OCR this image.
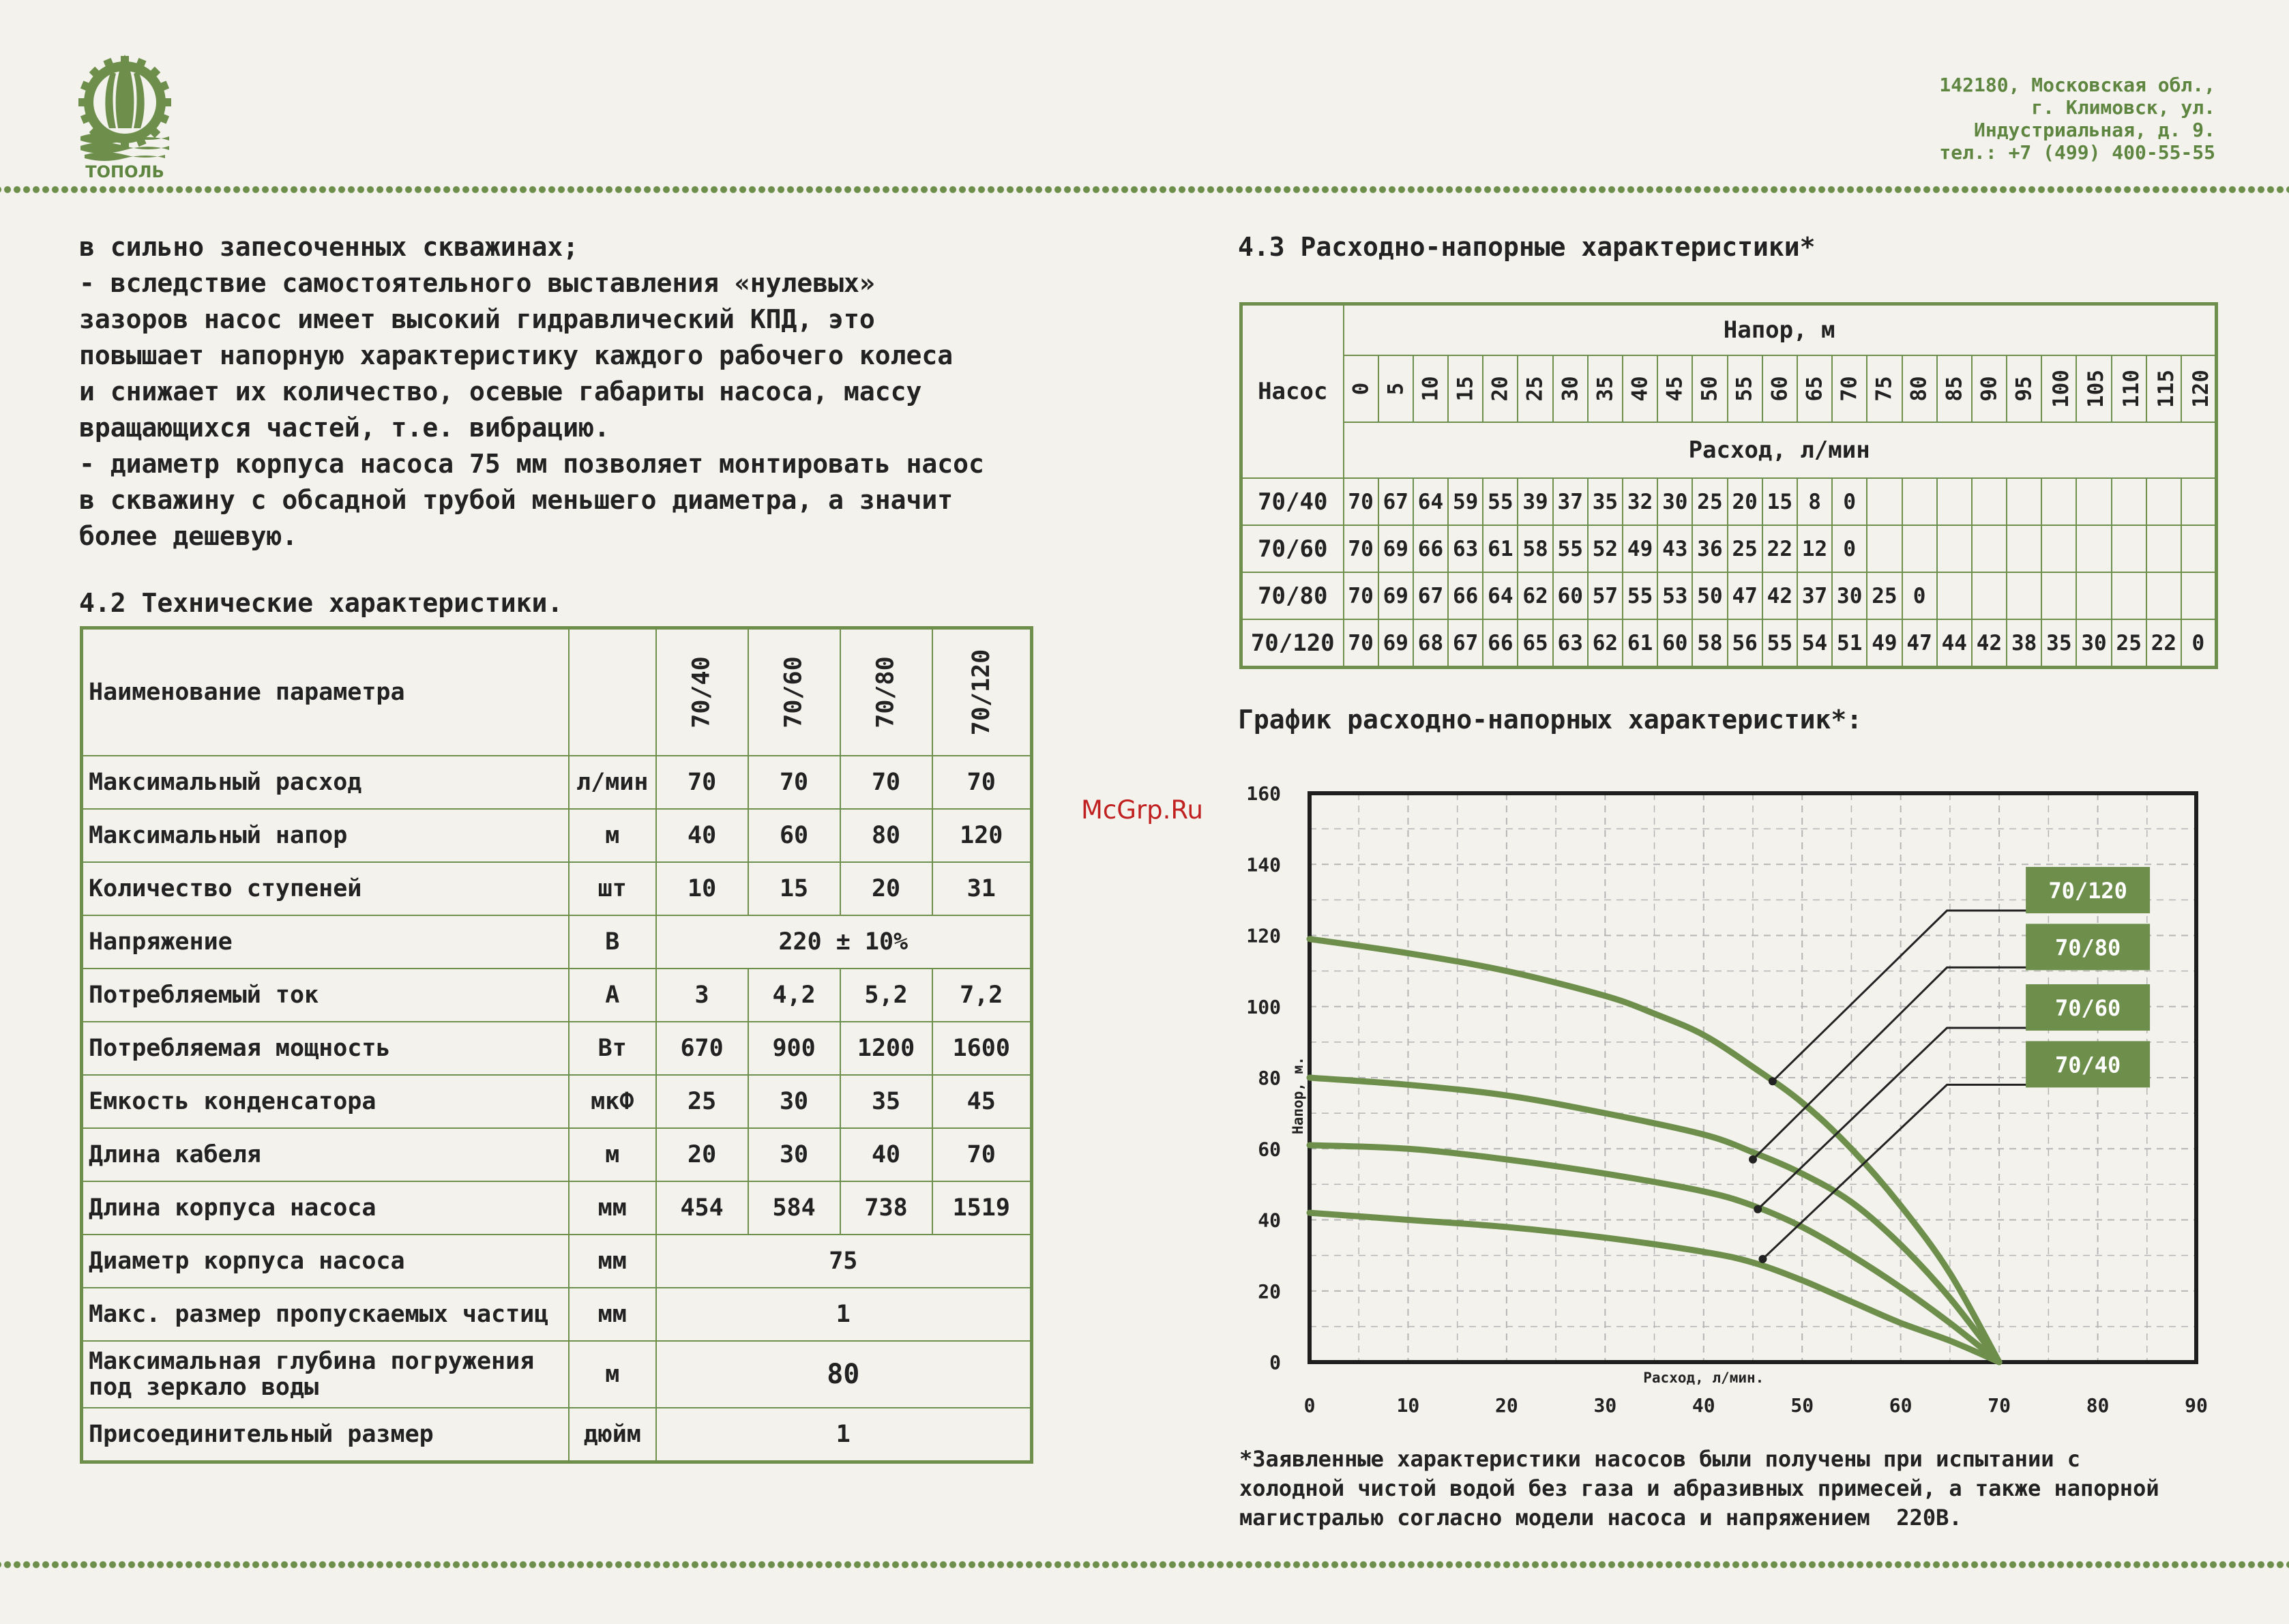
ТОПОЛЬ
142180, Московская обл.,
г. Климовск, ул.
Индустриальная, д. 9.
тел.: +7 (499) 400-55-55
в сильно запесоченных скважинах;
- вследствие самостоятельного выставления «нулевых»
зазоров насос имеет высокий гидравлический КПД, это
повышает напорную характеристику каждого рабочего колеса
и снижает их количество, осевые габариты насоса, массу
вращающихся частей, т.е. вибрацию.
- диаметр корпуса насоса 75 мм позволяет монтировать насос
в скважину с обсадной трубой меньшего диаметра, а значит
более дешевую.
4.2 Технические характеристики.
Наименование параметра		70/40	70/60	70/80	70/120
Максимальный расход	л/мин	70	70	70	70
Максимальный напор	м	40	60	80	120
Количество ступеней	шт	10	15	20	31
Напряжение	В	220 ± 10%			
Потребляемый ток	А	3	4,2	5,2	7,2
Потребляемая мощность	Вт	670	900	1200	1600
Емкость конденсатора	мкФ	25	30	35	45
Длина кабеля	м	20	30	40	70
Длина корпуса насоса	мм	454	584	738	1519
Диаметр корпуса насоса	мм	75			
Макс. размер пропускаемых частиц	мм	1			
Максимальная глубина погружения
под зеркало воды	м	80			
Присоединительный размер	дюйм	1			
4.3 Расходно-напорные характеристики*
Насос	Напор, м																								
	0	5	10	15	20	25	30	35	40	45	50	55	60	65	70	75	80	85	90	95	100	105	110	115	120
	Расход, л/мин																								
70/40	70	67	64	59	55	39	37	35	32	30	25	20	15	8	0										
70/60	70	69	66	63	61	58	55	52	49	43	36	25	22	12	0										
70/80	70	69	67	66	64	62	60	57	55	53	50	47	42	37	30	25	0								
70/120	70	69	68	67	66	65	63	62	61	60	58	56	55	54	51	49	47	44	42	38	35	30	25	22	0
График расходно-напорных характеристик*:
0	10	20	30	40	50	60	70	80	90
0
20
40
60
80
100
120
140
160
Расход, л/мин.
Напор, м.
70/120
70/80
70/60
70/40
*Заявленные характеристики насосов были получены при испытании с
холодной чистой водой без газа и абразивных примесей, а также напорной
магистралью согласно модели насоса и напряжением  220В.
McGrp.Ru
